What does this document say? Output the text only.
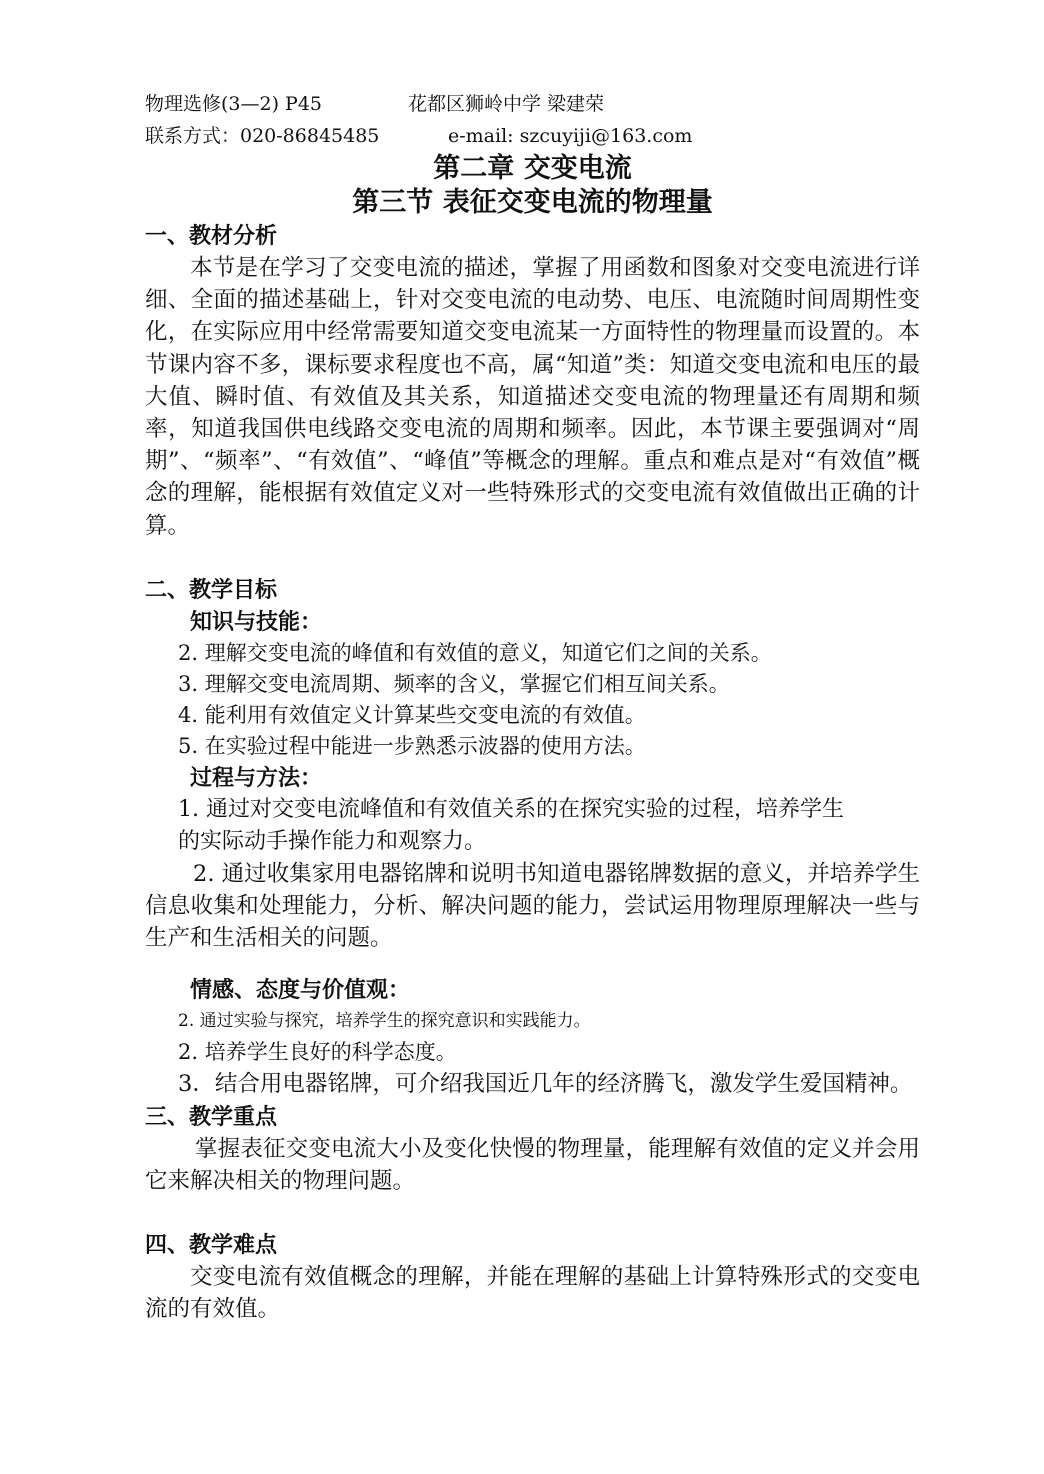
物理选修(3—2) P45	花都区狮岭中学 梁建荣
联系方式：020-86845485	e-mail: szcuyiji@163.com
第二章 交变电流
第三节 表征交变电流的物理量
一、教材分析

本节是在学习了交变电流的描述，掌握了用函数和图象对交变电流进行详细、全面的描述基础上，针对交变电流的电动势、电压、电流随时间周期性变化，在实际应用中经常需要知道交变电流某一方面特性的物理量而设置的。本节课内容不多，课标要求程度也不高，属“知道”类：知道交变电流和电压的最大值、瞬时值、有效值及其关系，知道描述交变电流的物理量还有周期和频率，知道我国供电线路交变电流的周期和频率。因此，本节课主要强调对“周期”、“频率”、“有效值”、“峰值”等概念的理解。重点和难点是对“有效值”概念的理解，能根据有效值定义对一些特殊形式的交变电流有效值做出正确的计算。

二、教学目标
知识与技能：
2. 理解交变电流的峰值和有效值的意义，知道它们之间的关系。
3. 理解交变电流周期、频率的含义，掌握它们相互间关系。
4. 能利用有效值定义计算某些交变电流的有效值。
5. 在实验过程中能进一步熟悉示波器的使用方法。
过程与方法：
1. 通过对交变电流峰值和有效值关系的在探究实验的过程，培养学生
的实际动手操作能力和观察力。

2. 通过收集家用电器铭牌和说明书知道电器铭牌数据的意义，并培养学生信息收集和处理能力，分析、解决问题的能力，尝试运用物理原理解决一些与生产和生活相关的问题。

情感、态度与价值观：
2. 通过实验与探究，培养学生的探究意识和实践能力。
2. 培养学生良好的科学态度。

3．结合用电器铭牌，可介绍我国近几年的经济腾飞，激发学生爱国精神。

三、教学重点

掌握表征交变电流大小及变化快慢的物理量，能理解有效值的定义并会用它来解决相关的物理问题。

四、教学难点

交变电流有效值概念的理解，并能在理解的基础上计算特殊形式的交变电流的有效值。
